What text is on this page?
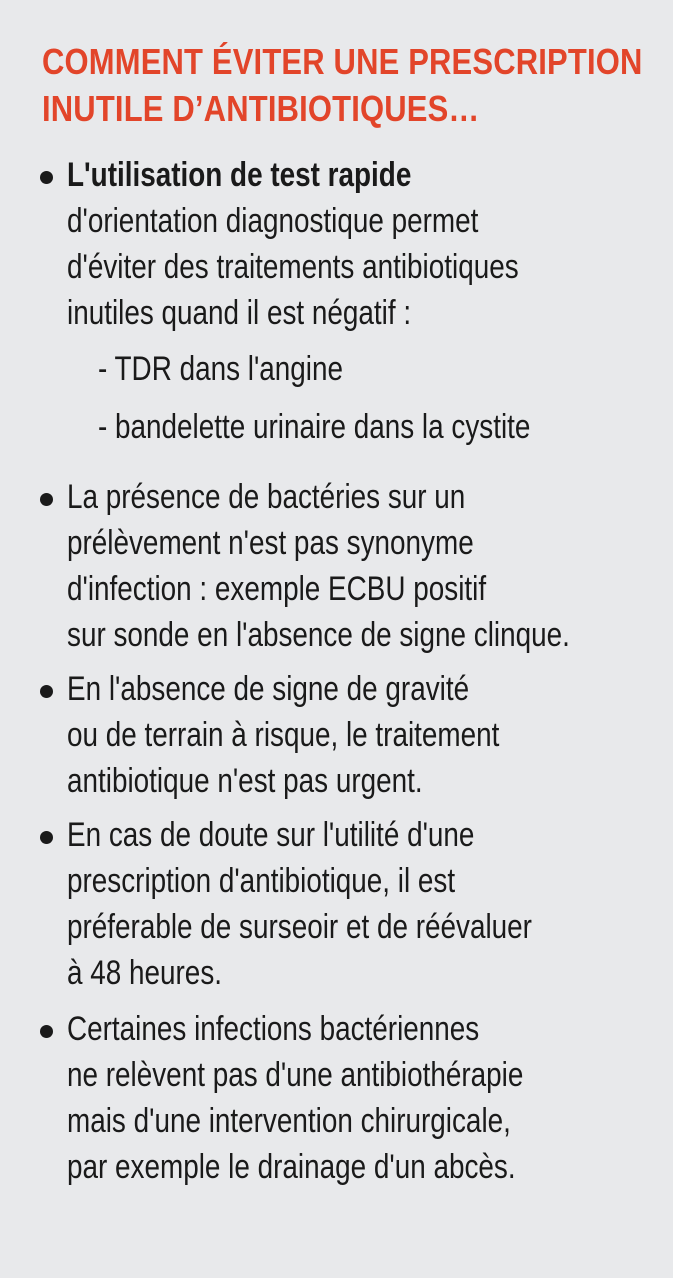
COMMENT ÉVITER UNE PRESCRIPTION
INUTILE D’ANTIBIOTIQUES…
L'utilisation de test rapide
d'orientation diagnostique permet
d'éviter des traitements antibiotiques
inutiles quand il est négatif :
- TDR dans l'angine
- bandelette urinaire dans la cystite
La présence de bactéries sur un
prélèvement n'est pas synonyme
d'infection : exemple ECBU positif
sur sonde en l'absence de signe clinque.
En l'absence de signe de gravité
ou de terrain à risque, le traitement
antibiotique n'est pas urgent.
En cas de doute sur l'utilité d'une
prescription d'antibiotique, il est
préferable de surseoir et de réévaluer
à 48 heures.
Certaines infections bactériennes
ne relèvent pas d'une antibiothérapie
mais d'une intervention chirurgicale,
par exemple le drainage d'un abcès.
